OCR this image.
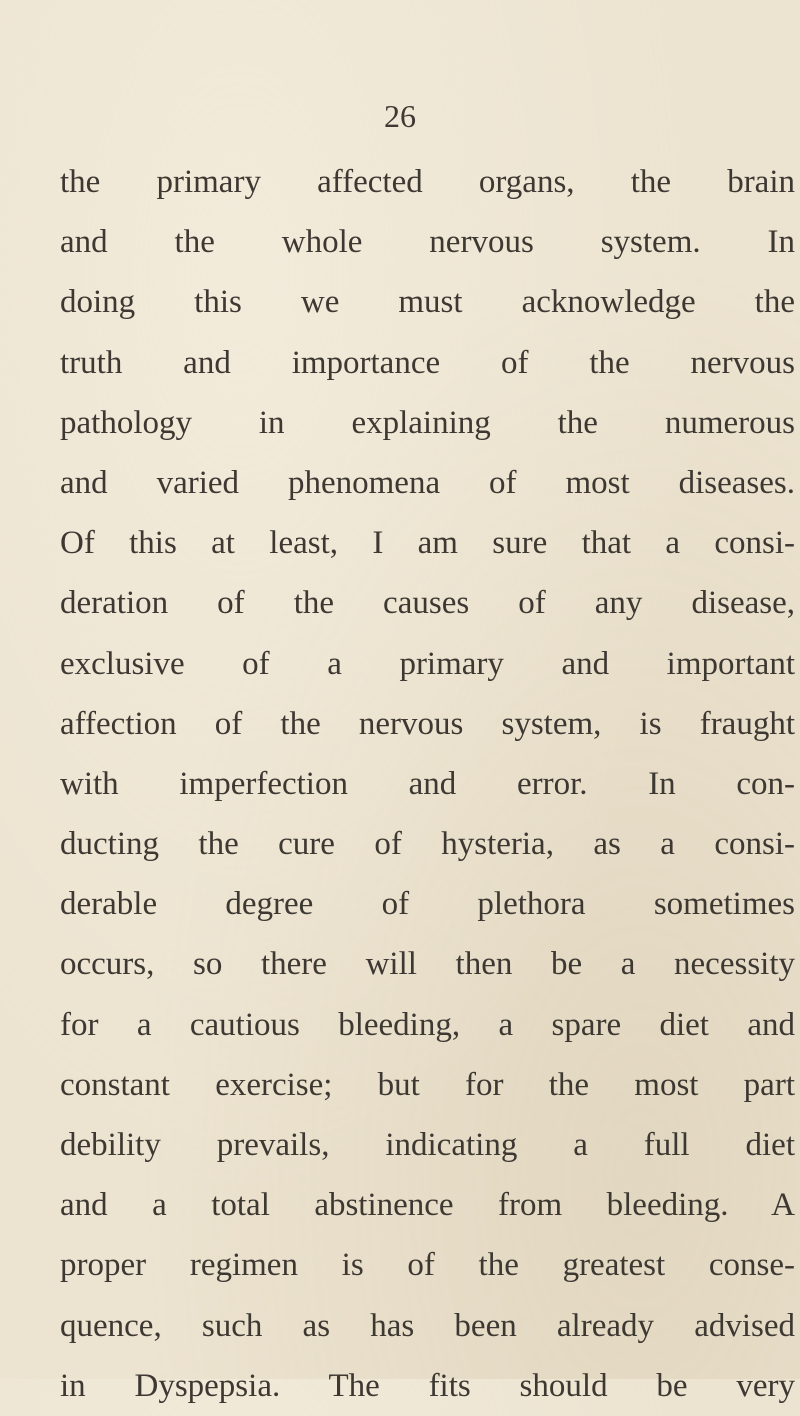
26
the primary affected organs, the brain
and the whole nervous system. In
doing this we must acknowledge the
truth and importance of the nervous
pathology in explaining the numerous
and varied phenomena of most diseases.
Of this at least, I am sure that a consi-
deration of the causes of any disease,
exclusive of a primary and important
affection of the nervous system, is fraught
with imperfection and error. In con-
ducting the cure of hysteria, as a consi-
derable degree of plethora sometimes
occurs, so there will then be a necessity
for a cautious bleeding, a spare diet and
constant exercise; but for the most part
debility prevails, indicating a full diet
and a total abstinence from bleeding. A
proper regimen is of the greatest conse-
quence, such as has been already advised
in Dyspepsia. The fits should be very
